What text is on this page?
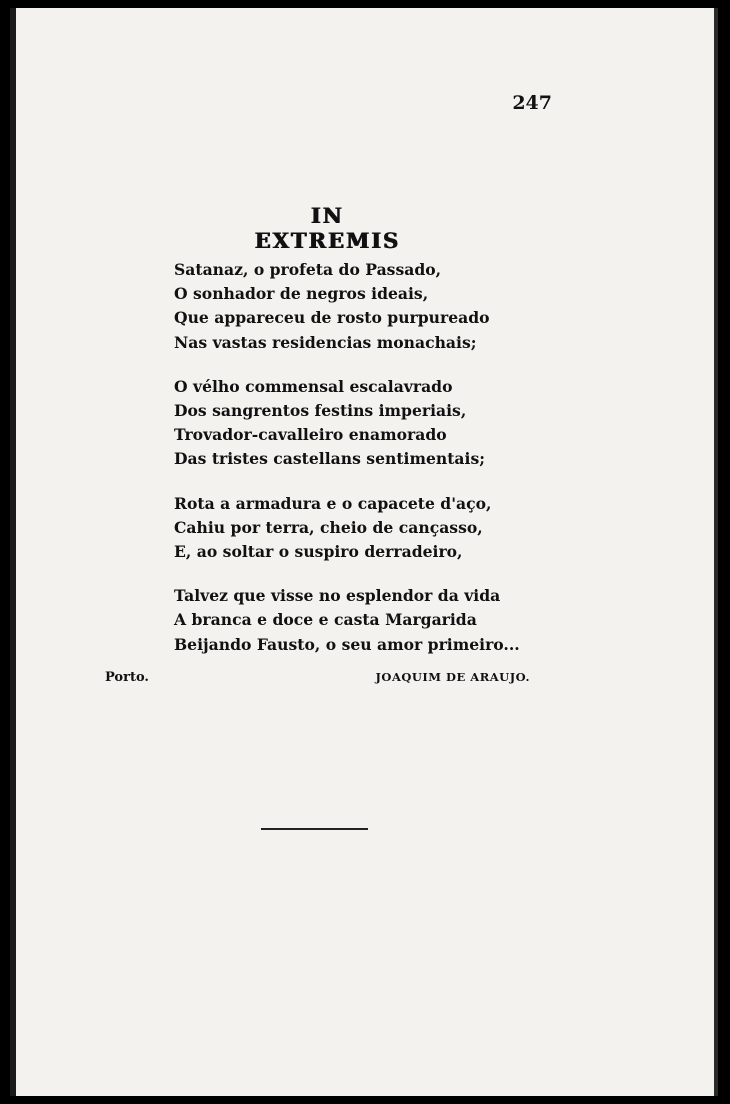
247
IN EXTREMIS
Satanaz, o profeta do Passado,
O sonhador de negros ideais,
Que appareceu de rosto purpureado
Nas vastas residencias monachais;
O vélho commensal escalavrado
Dos sangrentos festins imperiais,
Trovador-cavalleiro enamorado
Das tristes castellans sentimentais;
Rota a armadura e o capacete d'aço,
Cahiu por terra, cheio de cançasso,
E, ao soltar o suspiro derradeiro,
Talvez que visse no esplendor da vida
A branca e doce e casta Margarida
Beijando Fausto, o seu amor primeiro...
Porto.	JOAQUIM DE ARAUJO.
